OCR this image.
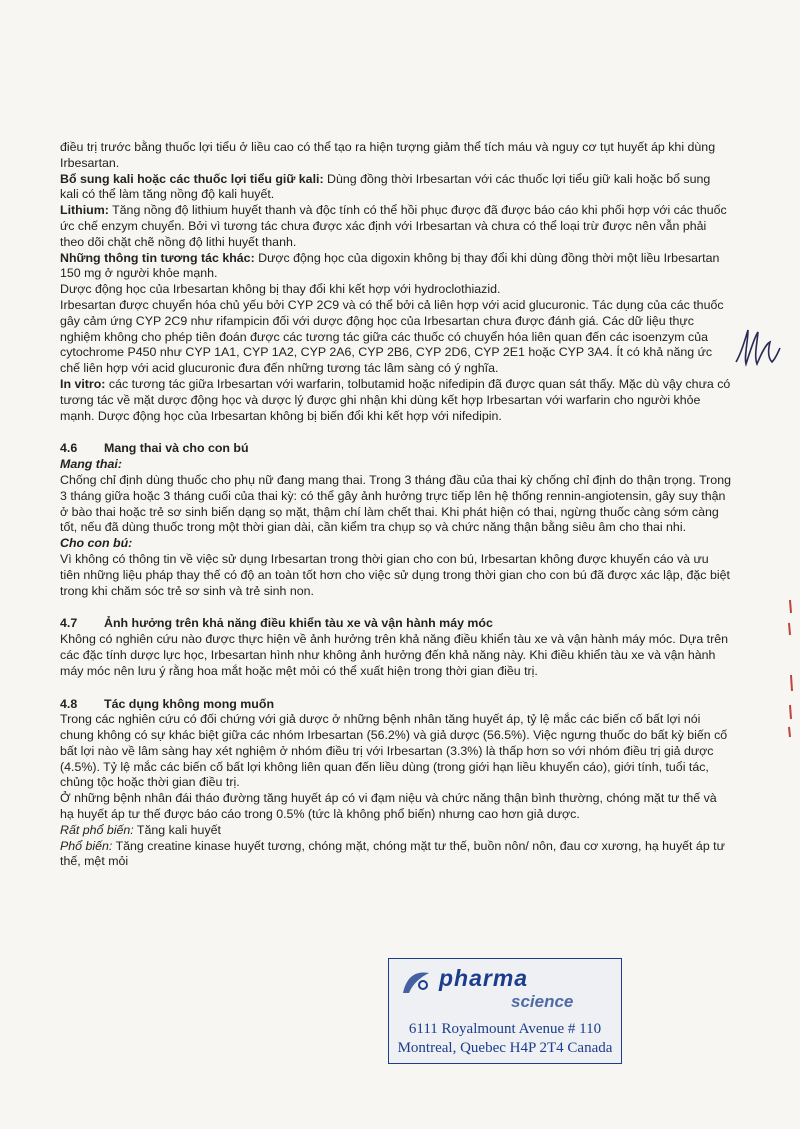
điều trị trước bằng thuốc lợi tiểu ở liều cao có thể tạo ra hiện tượng giảm thể tích máu và nguy cơ tụt huyết áp khi dùng Irbesartan.

Bổ sung kali hoặc các thuốc lợi tiểu giữ kali: Dùng đồng thời Irbesartan với các thuốc lợi tiểu giữ kali hoặc bổ sung kali có thể làm tăng nồng độ kali huyết.

Lithium: Tăng nồng độ lithium huyết thanh và độc tính có thể hồi phục được đã được báo cáo khi phối hợp với các thuốc ức chế enzym chuyển. Bởi vì tương tác chưa được xác định với Irbesartan và chưa có thể loại trừ được nên vẫn phải theo dõi chặt chẽ nồng độ lithi huyết thanh.

Những thông tin tương tác khác: Dược động học của digoxin không bị thay đổi khi dùng đồng thời một liều Irbesartan 150 mg ở người khỏe mạnh.

Dược động học của Irbesartan không bị thay đổi khi kết hợp với hydroclothiazid.

Irbesartan được chuyển hóa chủ yếu bởi CYP 2C9 và có thể bởi cả liên hợp với acid glucuronic. Tác dụng của các thuốc gây cảm ứng CYP 2C9 như rifampicin đối với dược động học của Irbesartan chưa được đánh giá. Các dữ liệu thực nghiệm không cho phép tiên đoán được các tương tác giữa các thuốc có chuyển hóa liên quan đến các isoenzym của cytochrome P450 như CYP 1A1, CYP 1A2, CYP 2A6, CYP 2B6, CYP 2D6, CYP 2E1 hoặc CYP 3A4. Ít có khả năng ức chế liên hợp với acid glucuronic đưa đến những tương tác lâm sàng có ý nghĩa.

In vitro: các tương tác giữa Irbesartan với warfarin, tolbutamid hoặc nifedipin đã được quan sát thấy. Mặc dù vậy chưa có tương tác về mặt dược động học và dược lý được ghi nhận khi dùng kết hợp Irbesartan với warfarin cho người khỏe mạnh. Dược động học của Irbesartan không bị biến đổi khi kết hợp với nifedipin.

4.6	Mang thai và cho con bú

Mang thai:

Chống chỉ định dùng thuốc cho phụ nữ đang mang thai. Trong 3 tháng đầu của thai kỳ chống chỉ định do thận trọng. Trong 3 tháng giữa hoặc 3 tháng cuối của thai kỳ: có thể gây ảnh hưởng trực tiếp lên hệ thống rennin-angiotensin, gây suy thận ở bào thai hoặc trẻ sơ sinh biến dạng sọ mặt, thậm chí làm chết thai. Khi phát hiện có thai, ngừng thuốc càng sớm càng tốt, nếu đã dùng thuốc trong một thời gian dài, cần kiểm tra chụp sọ và chức năng thận bằng siêu âm cho thai nhi.

Cho con bú:

Vì không có thông tin về việc sử dụng Irbesartan trong thời gian cho con bú, Irbesartan không được khuyến cáo và ưu tiên những liệu pháp thay thế có độ an toàn tốt hơn cho việc sử dụng trong thời gian cho con bú đã được xác lập, đặc biệt trong khi chăm sóc trẻ sơ sinh và trẻ sinh non.

4.7	Ảnh hưởng trên khả năng điều khiển tàu xe và vận hành máy móc

Không có nghiên cứu nào được thực hiện về ảnh hưởng trên khả năng điều khiển tàu xe và vận hành máy móc. Dựa trên các đặc tính dược lực học, Irbesartan hình như không ảnh hưởng đến khả năng này. Khi điều khiển tàu xe và vận hành máy móc nên lưu ý rằng hoa mắt hoặc mệt mỏi có thể xuất hiện trong thời gian điều trị.

4.8	Tác dụng không mong muốn

Trong các nghiên cứu có đối chứng với giả dược ở những bệnh nhân tăng huyết áp, tỷ lệ mắc các biến cố bất lợi nói chung không có sự khác biệt giữa các nhóm Irbesartan (56.2%) và giả dược (56.5%). Việc ngưng thuốc do bất kỳ biến cố bất lợi nào về lâm sàng hay xét nghiệm ở nhóm điều trị với Irbesartan (3.3%) là thấp hơn so với nhóm điều trị giả dược (4.5%). Tỷ lệ mắc các biến cố bất lợi không liên quan đến liều dùng (trong giới hạn liều khuyến cáo), giới tính, tuổi tác, chủng tộc hoặc thời gian điều trị.

Ở những bệnh nhân đái tháo đường tăng huyết áp có vi đạm niệu và chức năng thận bình thường, chóng mặt tư thế và hạ huyết áp tư thế được báo cáo trong 0.5% (tức là không phổ biến) nhưng cao hơn giả dược.

Rất phổ biến: Tăng kali huyết

Phổ biến: Tăng creatine kinase huyết tương, chóng mặt, chóng mặt tư thế, buồn nôn/ nôn, đau cơ xương, hạ huyết áp tư thế, mệt mỏi

pharma
science
6111 Royalmount Avenue # 110
Montreal, Quebec H4P 2T4 Canada
